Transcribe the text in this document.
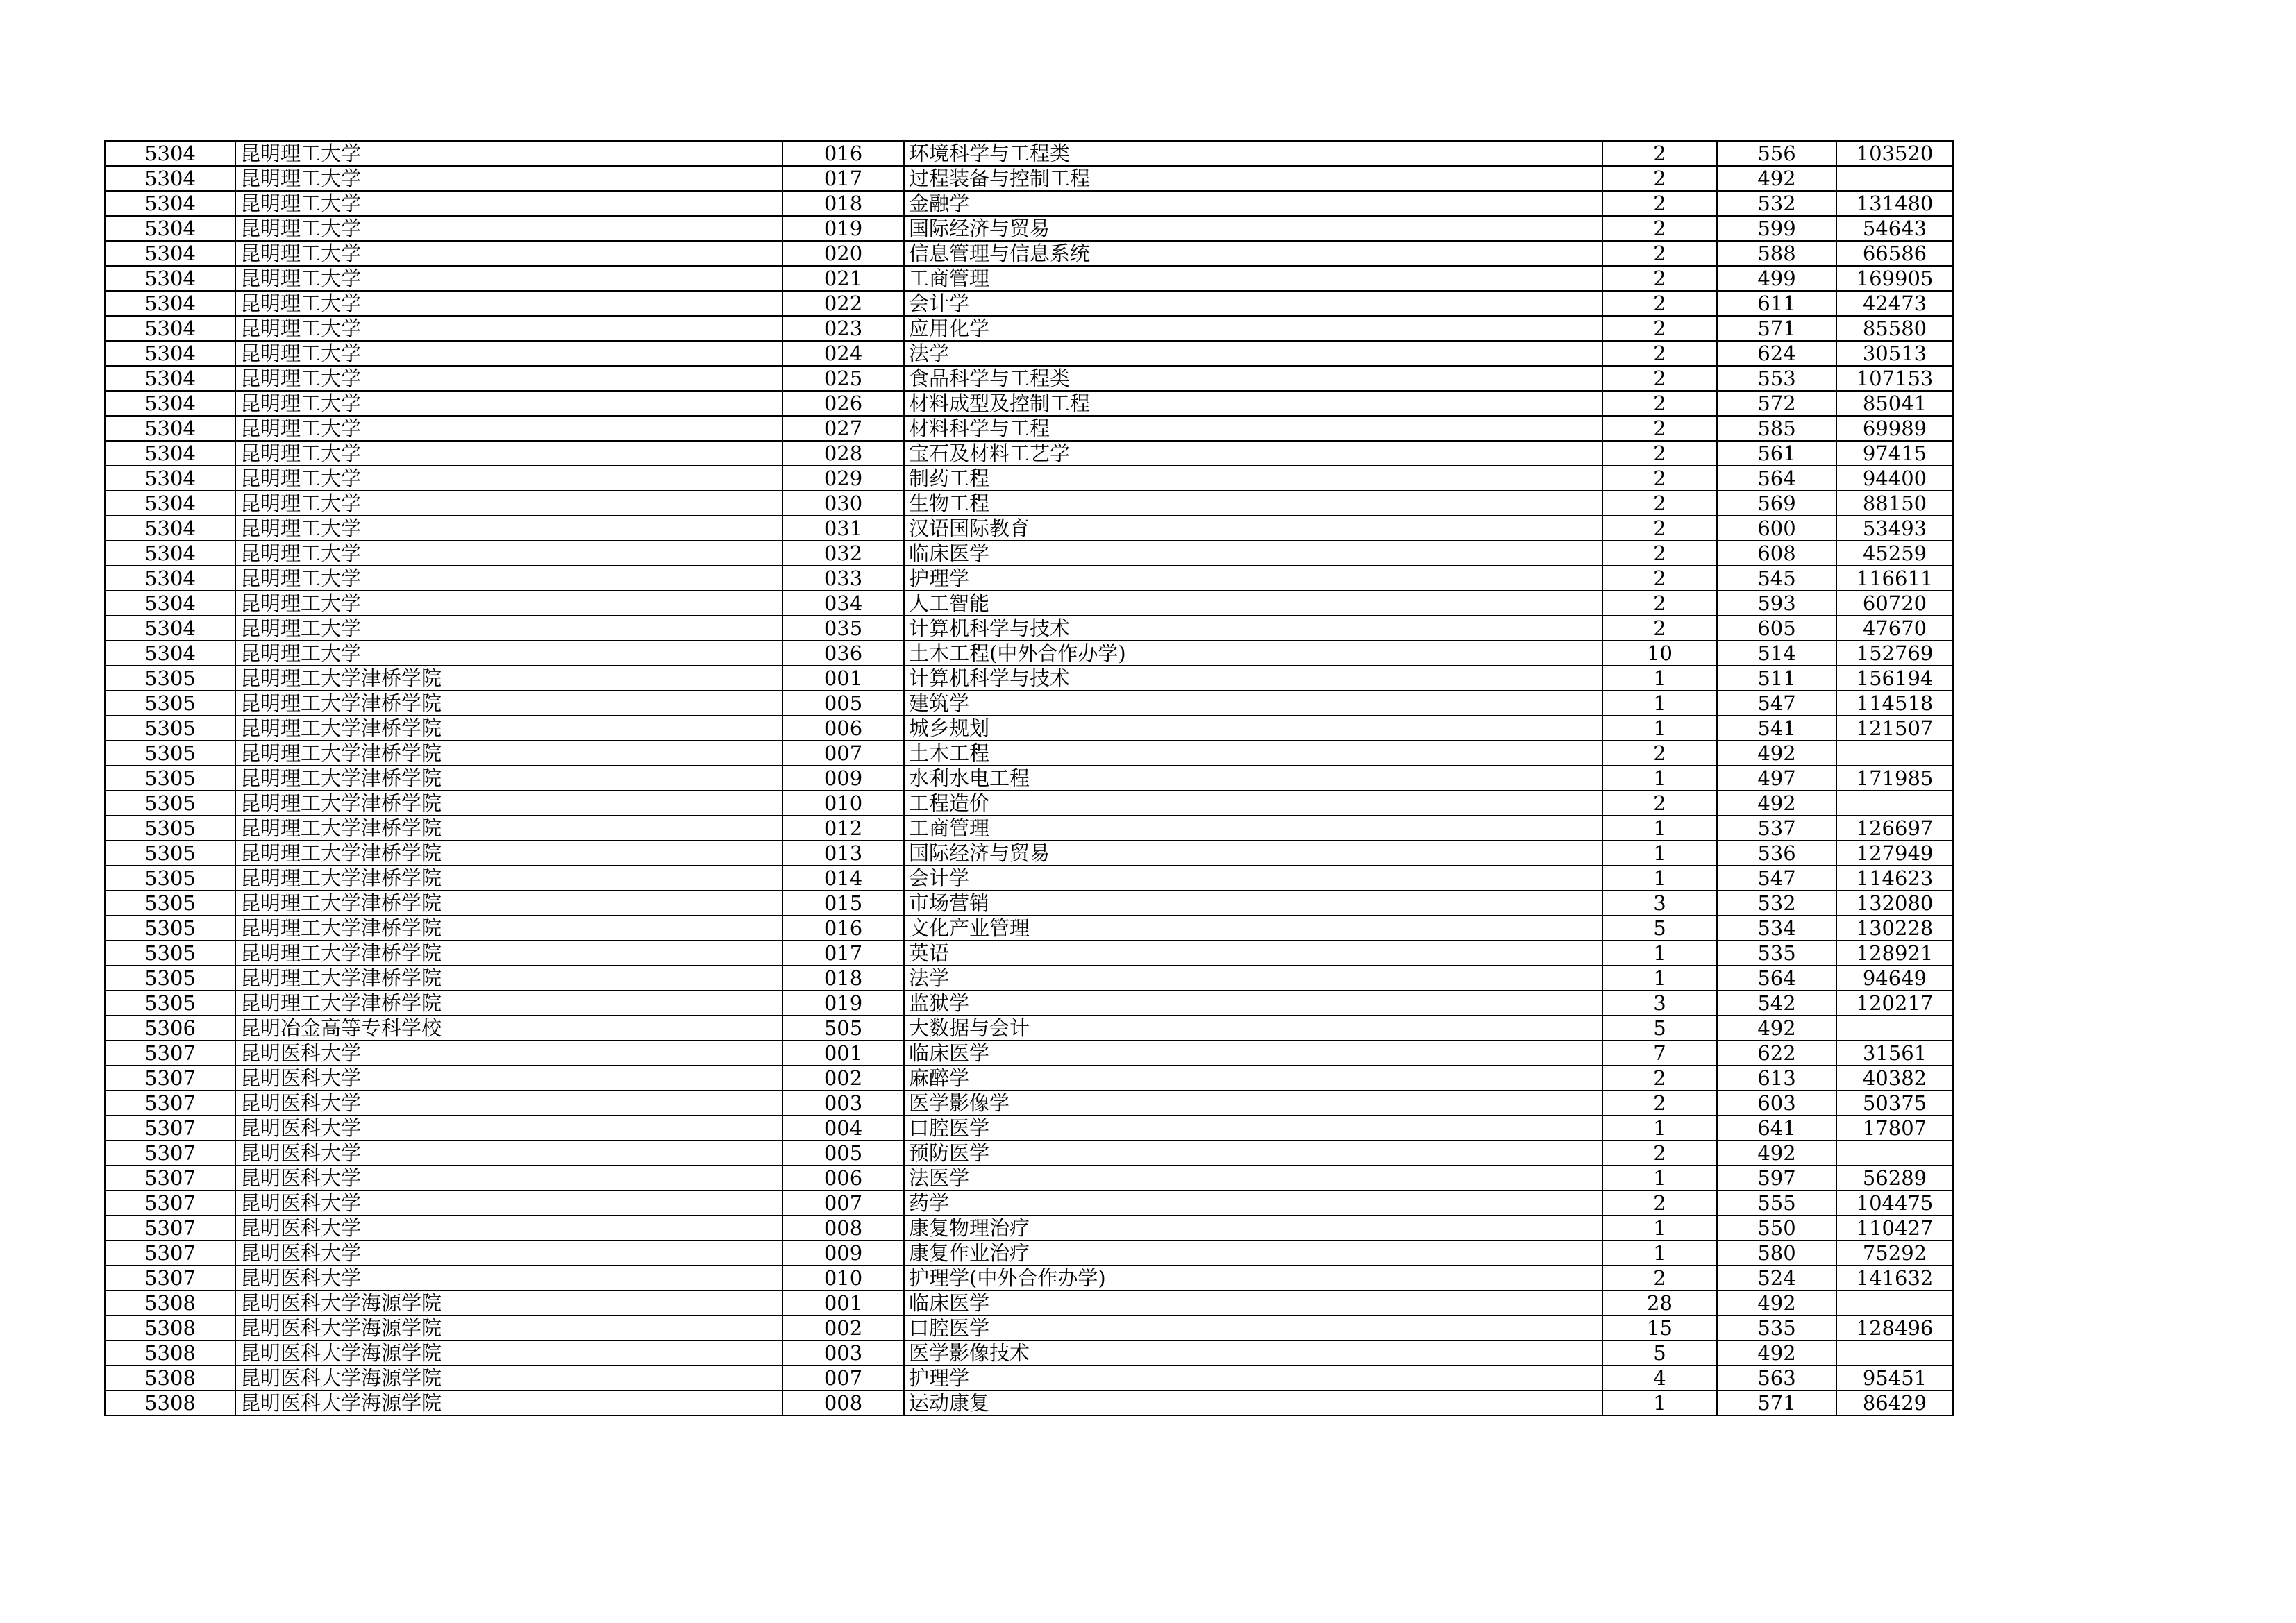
5304	昆明理工大学	016	环境科学与工程类	2	556	103520
5304	昆明理工大学	017	过程装备与控制工程	2	492	
5304	昆明理工大学	018	金融学	2	532	131480
5304	昆明理工大学	019	国际经济与贸易	2	599	54643
5304	昆明理工大学	020	信息管理与信息系统	2	588	66586
5304	昆明理工大学	021	工商管理	2	499	169905
5304	昆明理工大学	022	会计学	2	611	42473
5304	昆明理工大学	023	应用化学	2	571	85580
5304	昆明理工大学	024	法学	2	624	30513
5304	昆明理工大学	025	食品科学与工程类	2	553	107153
5304	昆明理工大学	026	材料成型及控制工程	2	572	85041
5304	昆明理工大学	027	材料科学与工程	2	585	69989
5304	昆明理工大学	028	宝石及材料工艺学	2	561	97415
5304	昆明理工大学	029	制药工程	2	564	94400
5304	昆明理工大学	030	生物工程	2	569	88150
5304	昆明理工大学	031	汉语国际教育	2	600	53493
5304	昆明理工大学	032	临床医学	2	608	45259
5304	昆明理工大学	033	护理学	2	545	116611
5304	昆明理工大学	034	人工智能	2	593	60720
5304	昆明理工大学	035	计算机科学与技术	2	605	47670
5304	昆明理工大学	036	土木工程(中外合作办学)	10	514	152769
5305	昆明理工大学津桥学院	001	计算机科学与技术	1	511	156194
5305	昆明理工大学津桥学院	005	建筑学	1	547	114518
5305	昆明理工大学津桥学院	006	城乡规划	1	541	121507
5305	昆明理工大学津桥学院	007	土木工程	2	492	
5305	昆明理工大学津桥学院	009	水利水电工程	1	497	171985
5305	昆明理工大学津桥学院	010	工程造价	2	492	
5305	昆明理工大学津桥学院	012	工商管理	1	537	126697
5305	昆明理工大学津桥学院	013	国际经济与贸易	1	536	127949
5305	昆明理工大学津桥学院	014	会计学	1	547	114623
5305	昆明理工大学津桥学院	015	市场营销	3	532	132080
5305	昆明理工大学津桥学院	016	文化产业管理	5	534	130228
5305	昆明理工大学津桥学院	017	英语	1	535	128921
5305	昆明理工大学津桥学院	018	法学	1	564	94649
5305	昆明理工大学津桥学院	019	监狱学	3	542	120217
5306	昆明冶金高等专科学校	505	大数据与会计	5	492	
5307	昆明医科大学	001	临床医学	7	622	31561
5307	昆明医科大学	002	麻醉学	2	613	40382
5307	昆明医科大学	003	医学影像学	2	603	50375
5307	昆明医科大学	004	口腔医学	1	641	17807
5307	昆明医科大学	005	预防医学	2	492	
5307	昆明医科大学	006	法医学	1	597	56289
5307	昆明医科大学	007	药学	2	555	104475
5307	昆明医科大学	008	康复物理治疗	1	550	110427
5307	昆明医科大学	009	康复作业治疗	1	580	75292
5307	昆明医科大学	010	护理学(中外合作办学)	2	524	141632
5308	昆明医科大学海源学院	001	临床医学	28	492	
5308	昆明医科大学海源学院	002	口腔医学	15	535	128496
5308	昆明医科大学海源学院	003	医学影像技术	5	492	
5308	昆明医科大学海源学院	007	护理学	4	563	95451
5308	昆明医科大学海源学院	008	运动康复	1	571	86429
